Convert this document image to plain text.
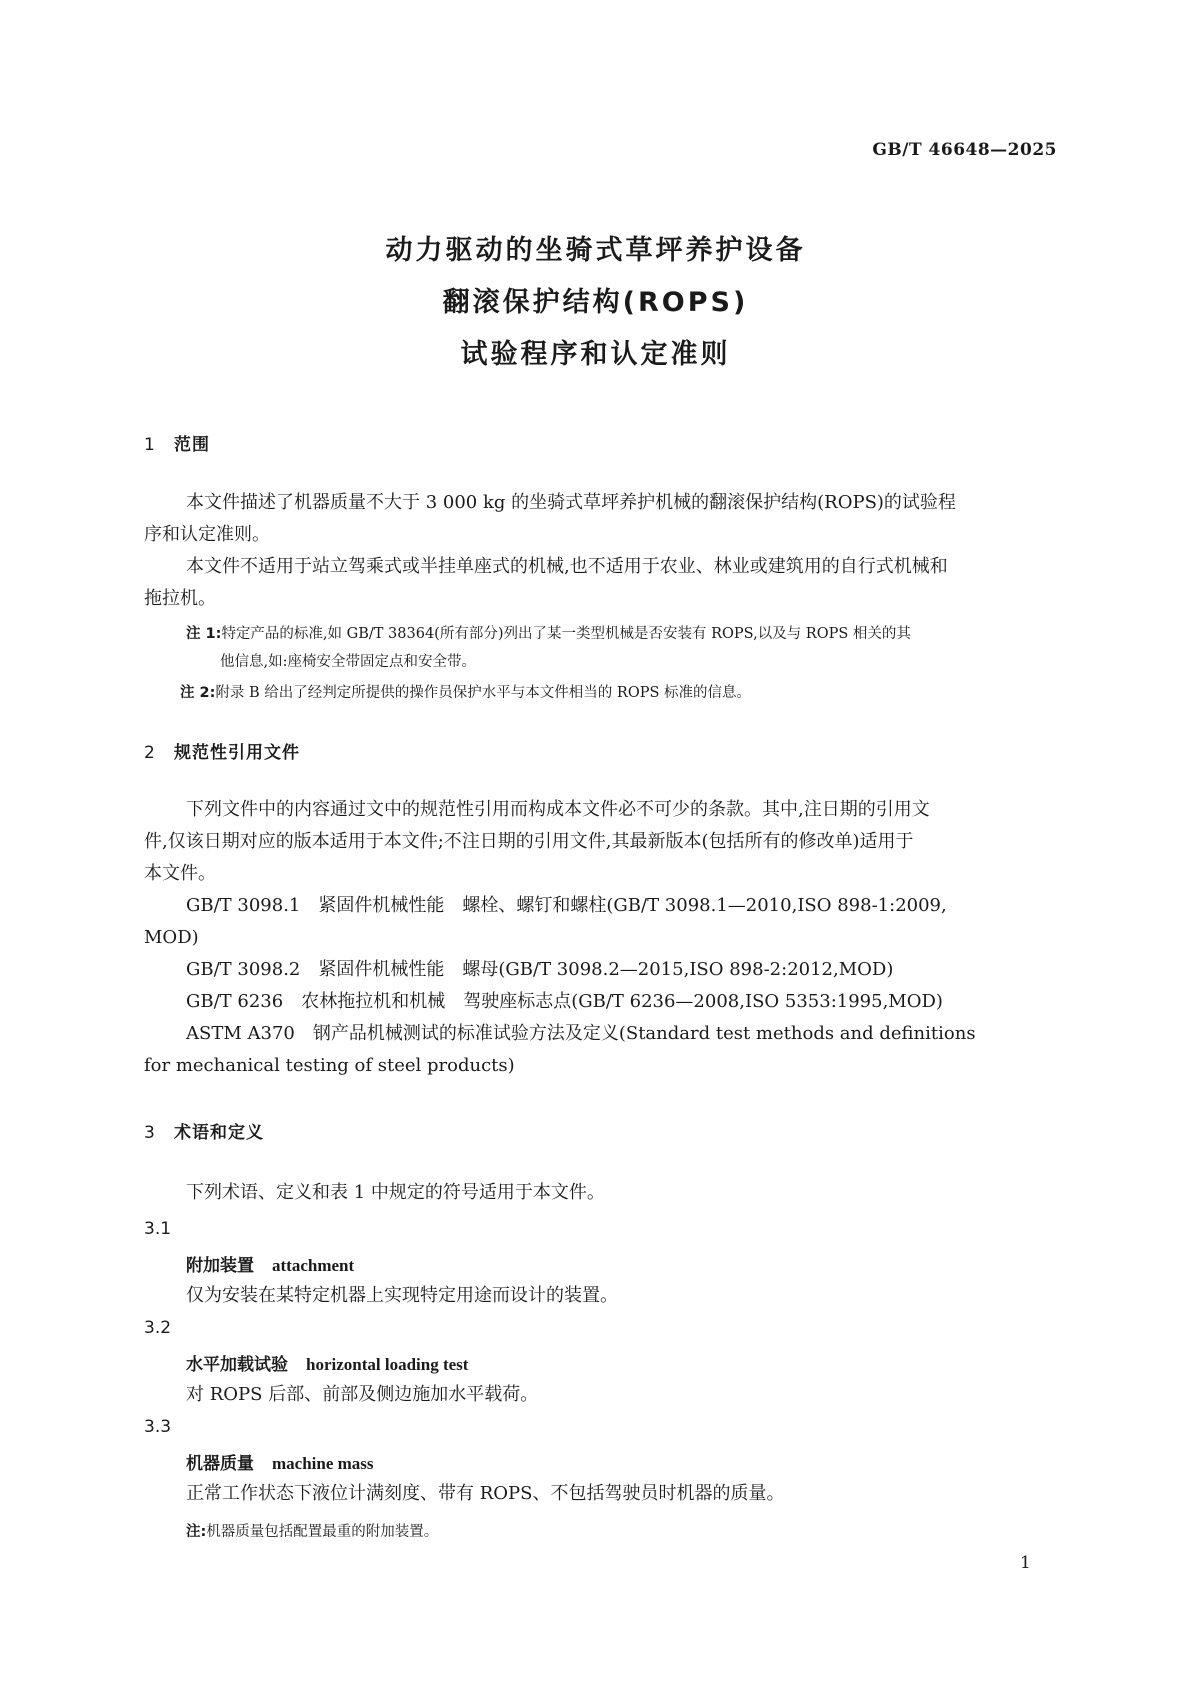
GB/T 46648—2025
动力驱动的坐骑式草坪养护设备
翻滚保护结构(ROPS)
试验程序和认定准则
1 范围
本文件描述了机器质量不大于 3 000 kg 的坐骑式草坪养护机械的翻滚保护结构(ROPS)的试验程
序和认定准则。
本文件不适用于站立驾乘式或半挂单座式的机械,也不适用于农业、林业或建筑用的自行式机械和
拖拉机。
注 1:特定产品的标准,如 GB/T 38364(所有部分)列出了某一类型机械是否安装有 ROPS,以及与 ROPS 相关的其
他信息,如:座椅安全带固定点和安全带。
注 2:附录 B 给出了经判定所提供的操作员保护水平与本文件相当的 ROPS 标准的信息。
2 规范性引用文件
下列文件中的内容通过文中的规范性引用而构成本文件必不可少的条款。其中,注日期的引用文
件,仅该日期对应的版本适用于本文件;不注日期的引用文件,其最新版本(包括所有的修改单)适用于
本文件。
GB/T 3098.1　紧固件机械性能　螺栓、螺钉和螺柱(GB/T 3098.1—2010,ISO 898-1:2009,
MOD)
GB/T 3098.2　紧固件机械性能　螺母(GB/T 3098.2—2015,ISO 898-2:2012,MOD)
GB/T 6236　农林拖拉机和机械　驾驶座标志点(GB/T 6236—2008,ISO 5353:1995,MOD)
ASTM A370　钢产品机械测试的标准试验方法及定义(Standard test methods and definitions
for mechanical testing of steel products)
3 术语和定义
下列术语、定义和表 1 中规定的符号适用于本文件。
3.1
附加装置 attachment
仅为安装在某特定机器上实现特定用途而设计的装置。
3.2
水平加载试验 horizontal loading test
对 ROPS 后部、前部及侧边施加水平载荷。
3.3
机器质量 machine mass
正常工作状态下液位计满刻度、带有 ROPS、不包括驾驶员时机器的质量。
注:机器质量包括配置最重的附加装置。
1
